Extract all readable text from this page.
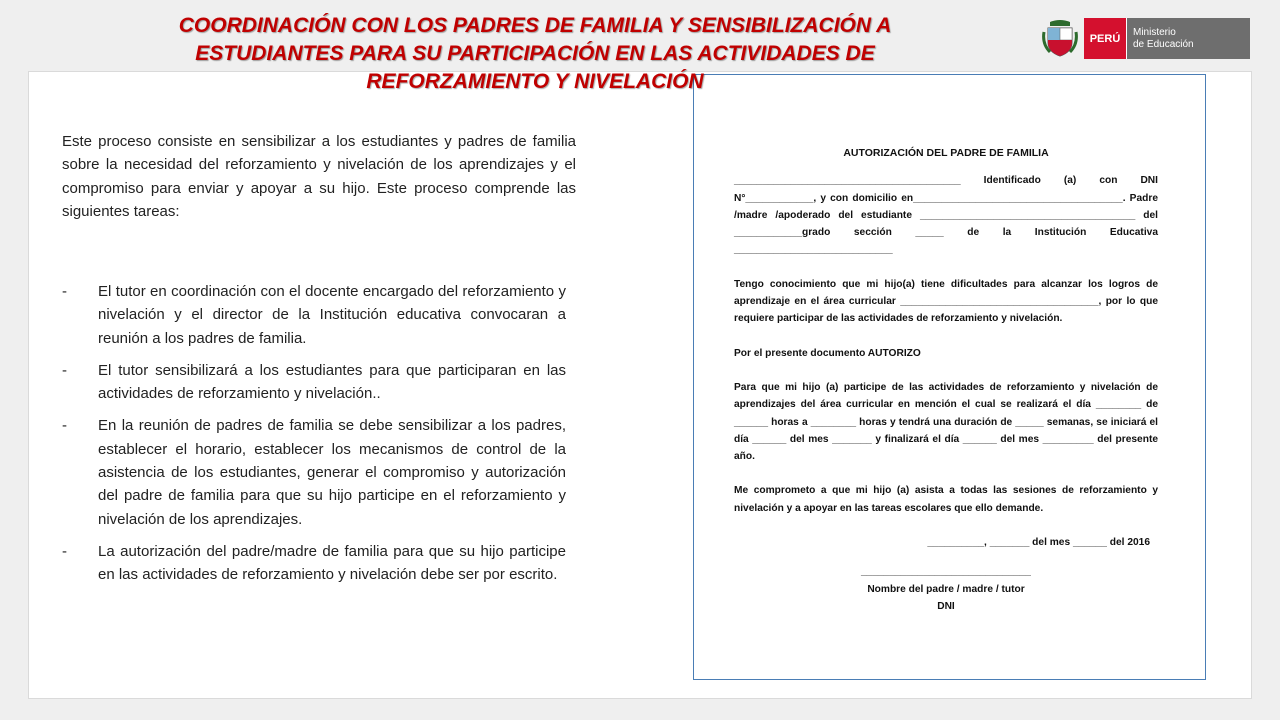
COORDINACIÓN CON LOS PADRES DE FAMILIA Y SENSIBILIZACIÓN A ESTUDIANTES PARA SU PARTICIPACIÓN EN LAS ACTIVIDADES DE REFORZAMIENTO Y NIVELACIÓN
PERÚ
Ministerio
de Educación
Este proceso consiste en sensibilizar a los estudiantes y padres de familia sobre la necesidad del reforzamiento y nivelación de los aprendizajes y el compromiso para enviar y apoyar a su hijo. Este proceso comprende las siguientes tareas:
- El tutor en coordinación con el docente encargado del reforzamiento y nivelación y el director de la Institución educativa convocaran a reunión a los padres de familia.
- El tutor sensibilizará a los estudiantes para que participaran en las actividades de reforzamiento y nivelación..
- En la reunión de padres de familia se debe sensibilizar a los padres, establecer el horario, establecer los mecanismos de control de la asistencia de los estudiantes, generar el compromiso y autorización del padre de familia para que su hijo participe en el reforzamiento y nivelación de los aprendizajes.
- La autorización del padre/madre de familia para que su hijo participe en las actividades de reforzamiento y nivelación debe ser por escrito.
AUTORIZACIÓN DEL PADRE DE FAMILIA
________________________________________ Identificado (a) con DNI N°____________, y con domicilio en_____________________________________. Padre /madre /apoderado del estudiante ______________________________________ del ____________grado sección _____ de la Institución Educativa ____________________________
Tengo conocimiento que mi hijo(a) tiene dificultades para alcanzar los logros de aprendizaje en el área curricular ___________________________________, por lo que requiere participar de las actividades de reforzamiento y nivelación.
Por el presente documento AUTORIZO
Para que mi hijo (a) participe de las actividades de reforzamiento y nivelación de aprendizajes del área curricular en mención el cual se realizará el día ________ de ______ horas a ________ horas y tendrá una duración de _____ semanas, se iniciará el día ______ del mes _______ y finalizará el día ______ del mes _________ del presente año.
Me comprometo a que mi hijo (a) asista a todas las sesiones de reforzamiento y nivelación y a apoyar en las tareas escolares que ello demande.
__________, _______ del mes ______ del 2016
______________________________
Nombre del padre / madre / tutor
DNI
